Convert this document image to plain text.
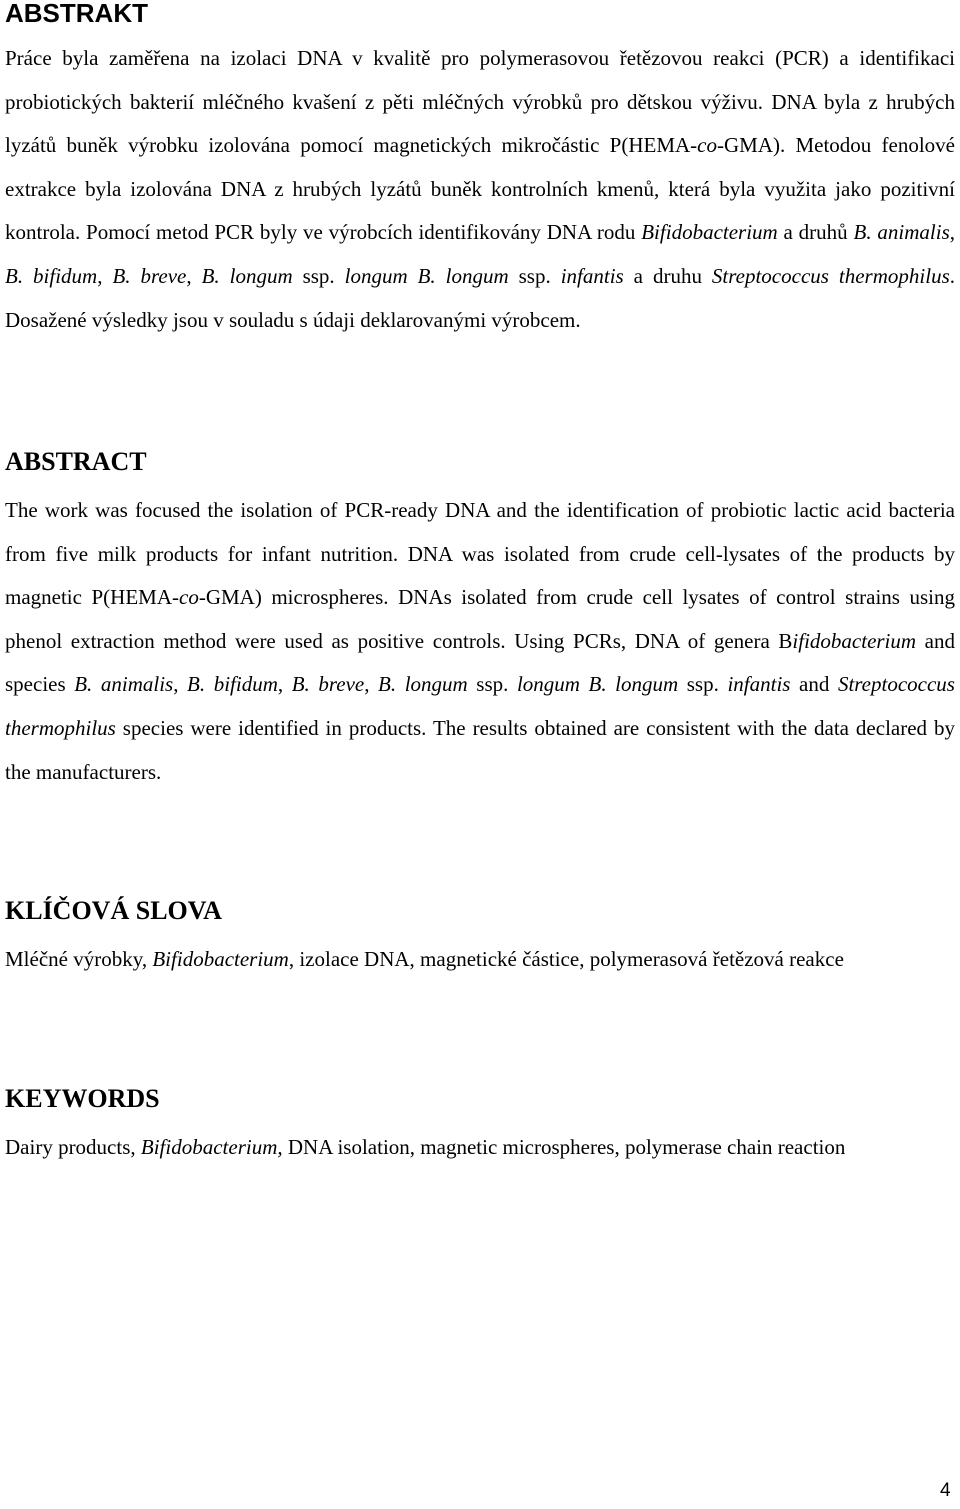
ABSTRAKT

Práce byla zaměřena na izolaci DNA v kvalitě pro polymerasovou řetězovou reakci (PCR) a identifikaci probiotických bakterií mléčného kvašení z pěti mléčných výrobků pro dětskou výživu. DNA byla z hrubých lyzátů buněk výrobku izolována pomocí magnetických mikročástic P(HEMA-co-GMA). Metodou fenolové extrakce byla izolována DNA z hrubých lyzátů buněk kontrolních kmenů, která byla využita jako pozitivní kontrola. Pomocí metod PCR byly ve výrobcích identifikovány DNA rodu Bifidobacterium a druhů B. animalis, B. bifidum, B. breve, B. longum ssp. longum B. longum ssp. infantis a druhu Streptococcus thermophilus. Dosažené výsledky jsou v souladu s údaji deklarovanými výrobcem.

ABSTRACT

The work was focused the isolation of PCR-ready DNA and the identification of probiotic lactic acid bacteria from five milk products for infant nutrition. DNA was isolated from crude cell-lysates of the products by magnetic P(HEMA-co-GMA) microspheres. DNAs isolated from crude cell lysates of control strains using phenol extraction method were used as positive controls. Using PCRs, DNA of genera Bifidobacterium and species B. animalis, B. bifidum, B. breve, B. longum ssp. longum B. longum ssp. infantis and Streptococcus thermophilus species were identified in products. The results obtained are consistent with the data declared by the manufacturers.

KLÍČOVÁ SLOVA

Mléčné výrobky, Bifidobacterium, izolace DNA, magnetické částice, polymerasová řetězová reakce

KEYWORDS

Dairy products, Bifidobacterium, DNA isolation, magnetic microspheres, polymerase chain reaction

4
